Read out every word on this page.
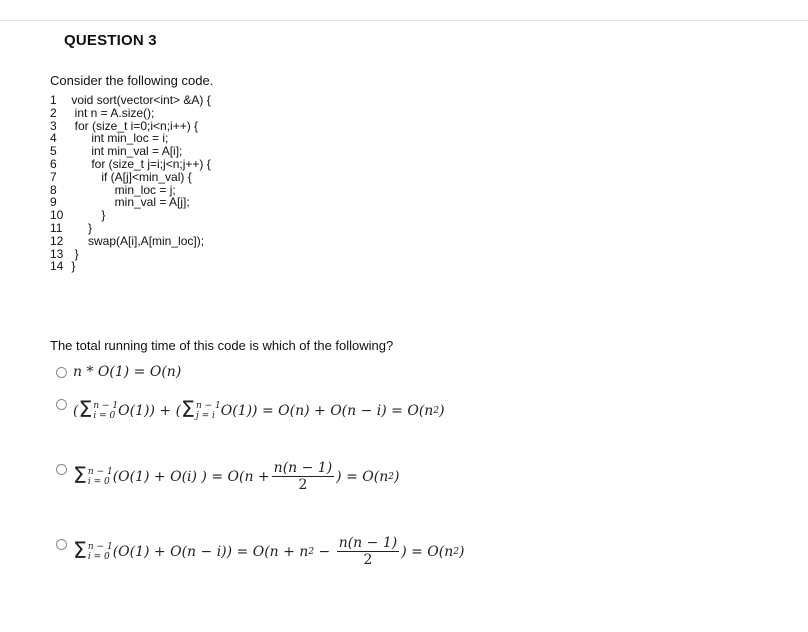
QUESTION 3
Consider the following code.
1 void sort(vector<int> &A) {
2 int n = A.size();
3 for (size_t i=0;i<n;i++) {
4 int min_loc = i;
5 int min_val = A[i];
6 for (size_t j=i;j<n;j++) {
7 if (A[j]<min_val) {
8 min_loc = j;
9 min_val = A[j];
10 }
11 }
12 swap(A[i],A[min_loc]);
13 }
14 }
The total running time of this code is which of the following?
n * O(1) = O(n)
( Σ n − 1
i = 0 O(1)) + ( Σ n − 1
j = i O(1)) = O(n) + O(n − i) = O(n 2 )
Σ n − 1
i = 0 (O(1) + O(i) ) = $O(n + \frac{n(n - 1)}{2}$ ) = O(n 2 )
Σ n − 1
i = 0 (O(1) + O(n − i)) = O(n + n $2 - \frac{n(n - 1)}{2}$ ) = O(n 2 )
